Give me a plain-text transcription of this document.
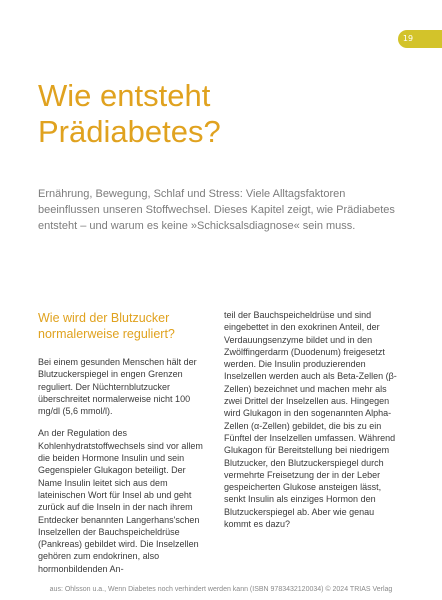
19
Wie entsteht
Prädiabetes?

Ernährung, Bewegung, Schlaf und Stress: Viele Alltagsfaktoren beeinflussen unseren Stoffwechsel. Dieses Kapitel zeigt, wie Prädiabetes entsteht – und warum es keine »Schicksalsdiagnose« sein muss.

Wie wird der Blutzucker normalerweise reguliert?

Bei einem gesunden Menschen hält der Blutzuckerspiegel in engen Grenzen reguliert. Der Nüchternblutzucker überschreitet normalerweise nicht 100 mg/dl (5,6 mmol/l).

An der Regulation des Kohlenhydratstoffwechsels sind vor allem die beiden Hormone Insulin und sein Gegenspieler Glukagon beteiligt. Der Name Insulin leitet sich aus dem lateinischen Wort für Insel ab und geht zurück auf die Inseln in der nach ihrem Entdecker benannten Langerhans'schen Inselzellen der Bauchspeicheldrüse (Pankreas) gebildet wird. Die Inselzellen gehören zum endokrinen, also hormonbildenden An-

teil der Bauchspeicheldrüse und sind eingebettet in den exokrinen Anteil, der Verdauungsenzyme bildet und in den Zwölffingerdarm (Duodenum) freigesetzt werden. Die Insulin produzierenden Inselzellen werden auch als Beta-Zellen (β-Zellen) bezeichnet und machen mehr als zwei Drittel der Inselzellen aus. Hingegen wird Glukagon in den sogenannten Alpha-Zellen (α-Zellen) gebildet, die bis zu ein Fünftel der Inselzellen umfassen. Während Glukagon für Bereitstellung bei niedrigem Blutzucker, den Blutzuckerspiegel durch vermehrte Freisetzung der in der Leber gespeicherten Glukose ansteigen lässt, senkt Insulin als einziges Hormon den Blutzuckerspiegel ab. Aber wie genau kommt es dazu?

aus: Ohlsson u.a., Wenn Diabetes noch verhindert werden kann (ISBN 9783432120034) © 2024 TRIAS Verlag
